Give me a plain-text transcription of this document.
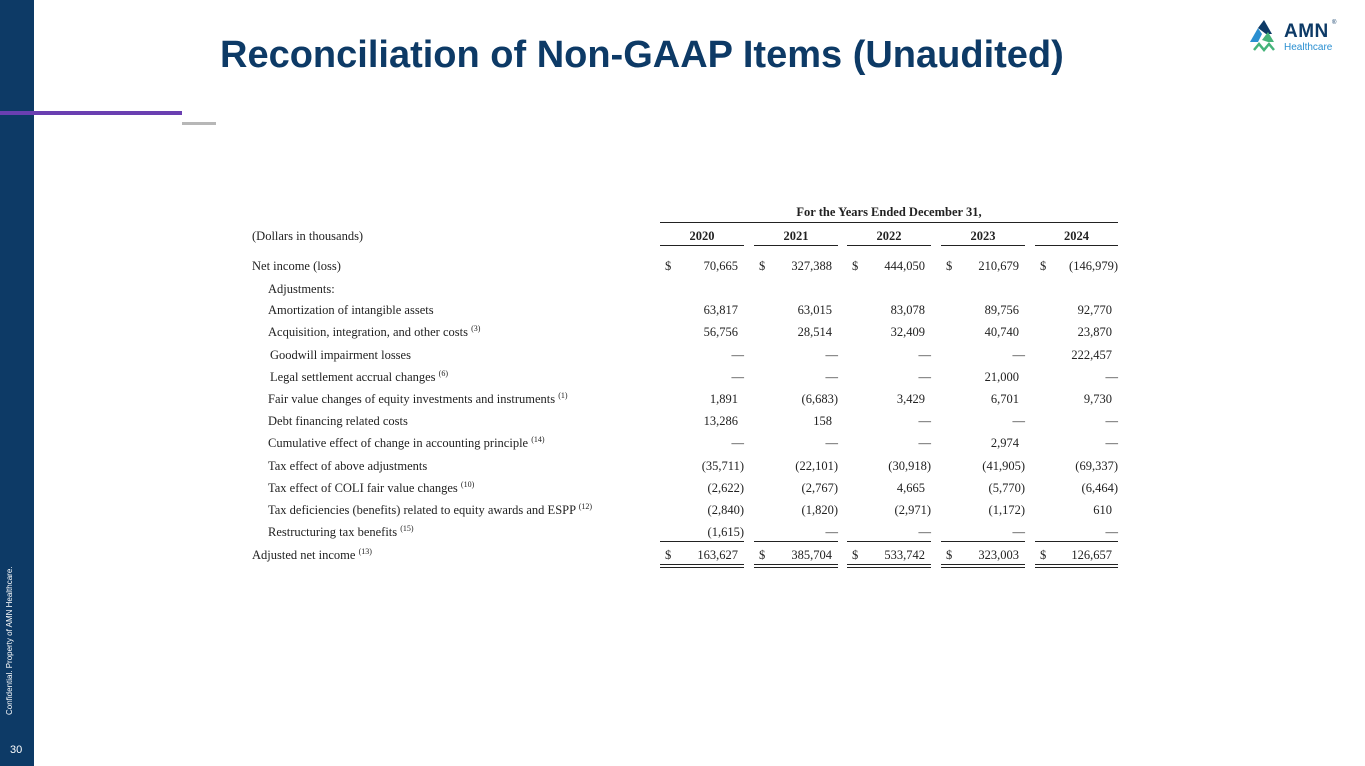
Confidential. Property of AMN Healthcare.
30
Reconciliation of Non-GAAP Items (Unaudited)
AMN ®
Healthcare
For the Years Ended December 31,
(Dollars in thousands)	2020	2021	2022	2023	2024
Net income (loss)	$	70,665 $	327,388 $	444,050 $	210,679 $	(146,979)
Adjustments:
Amortization of intangible assets	63,817	63,015	83,078	89,756	92,770
Acquisition, integration, and other costs $^{(3)}$	56,756	28,514	32,409	40,740	23,870
Goodwill impairment losses	—	—	—	—	222,457
Legal settlement accrual changes $^{(6)}$	—	—	—	21,000	—
Fair value changes of equity investments and instruments $^{(1)}$	1,891	(6,683)	3,429	6,701	9,730
Debt financing related costs	13,286	158	—	—	—
Cumulative effect of change in accounting principle $^{(14)}$	—	—	—	2,974	—
Tax effect of above adjustments	(35,711)	(22,101)	(30,918)	(41,905)	(69,337)
Tax effect of COLI fair value changes $^{(10)}$	(2,622)	(2,767)	4,665	(5,770)	(6,464)
Tax deficiencies (benefits) related to equity awards and ESPP $^{(12)}$	(2,840)	(1,820)	(2,971)	(1,172)	610
Restructuring tax benefits $^{(15)}$	(1,615)	—	—	—	—
Adjusted net income $^{(13)}$	$	163,627 $	385,704 $	533,742 $	323,003 $	126,657
